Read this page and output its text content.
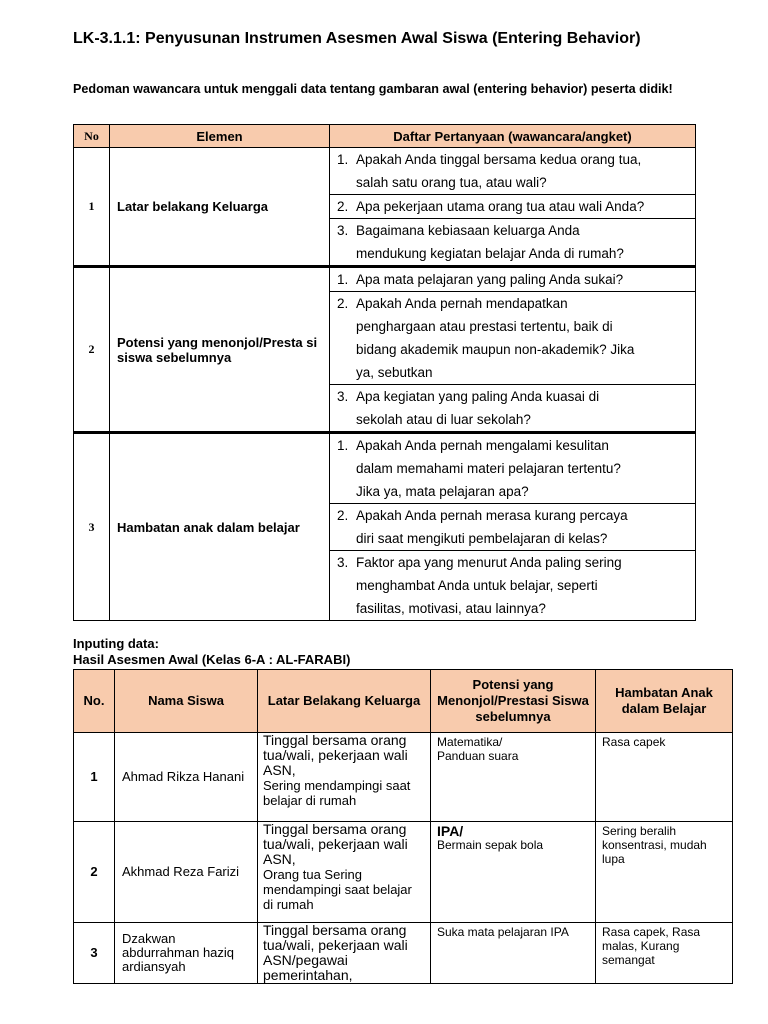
LK-3.1.1: Penyusunan Instrumen Asesmen Awal Siswa (Entering Behavior)
Pedoman wawancara untuk menggali data tentang gambaran awal (entering behavior) peserta didik!
No	Elemen	Daftar Pertanyaan (wawancara/angket)
1	Latar belakang Keluarga	1. Apakah Anda tinggal bersama kedua orang tua,
salah satu orang tua, atau wali?

		2. Apa pekerjaan utama orang tua atau wali Anda?

		3. Bagaimana kebiasaan keluarga Anda
mendukung kegiatan belajar Anda di rumah?

2	Potensi yang menonjol/Presta si siswa sebelumnya	1. Apa mata pelajaran yang paling Anda sukai?

		2. Apakah Anda pernah mendapatkan
penghargaan atau prestasi tertentu, baik di
bidang akademik maupun non-akademik? Jika
ya, sebutkan

		3. Apa kegiatan yang paling Anda kuasai di
sekolah atau di luar sekolah?

3	Hambatan anak dalam belajar	1. Apakah Anda pernah mengalami kesulitan
dalam memahami materi pelajaran tertentu?
Jika ya, mata pelajaran apa?

		2. Apakah Anda pernah merasa kurang percaya
diri saat mengikuti pembelajaran di kelas?

		3. Faktor apa yang menurut Anda paling sering
menghambat Anda untuk belajar, seperti
fasilitas, motivasi, atau lainnya?
Inputing data:
Hasil Asesmen Awal (Kelas 6-A : AL-FARABI)
No.	Nama Siswa	Latar Belakang Keluarga	Potensi yang Menonjol/Prestasi Siswa sebelumnya	Hambatan Anak dalam Belajar
1	Ahmad Rikza Hanani	Tinggal bersama orang tua/wali, pekerjaan wali ASN,
Sering mendampingi saat belajar di rumah	Matematika/
Panduan suara	Rasa capek
2	Akhmad Reza Farizi	Tinggal bersama orang tua/wali, pekerjaan wali ASN,
Orang tua Sering mendampingi saat belajar di rumah	IPA/
Bermain sepak bola	Sering beralih konsentrasi, mudah lupa
3	Dzakwan abdurrahman haziq ardiansyah	Tinggal bersama orang tua/wali, pekerjaan wali ASN/pegawai pemerintahan,	Suka mata pelajaran IPA	Rasa capek, Rasa malas, Kurang semangat
